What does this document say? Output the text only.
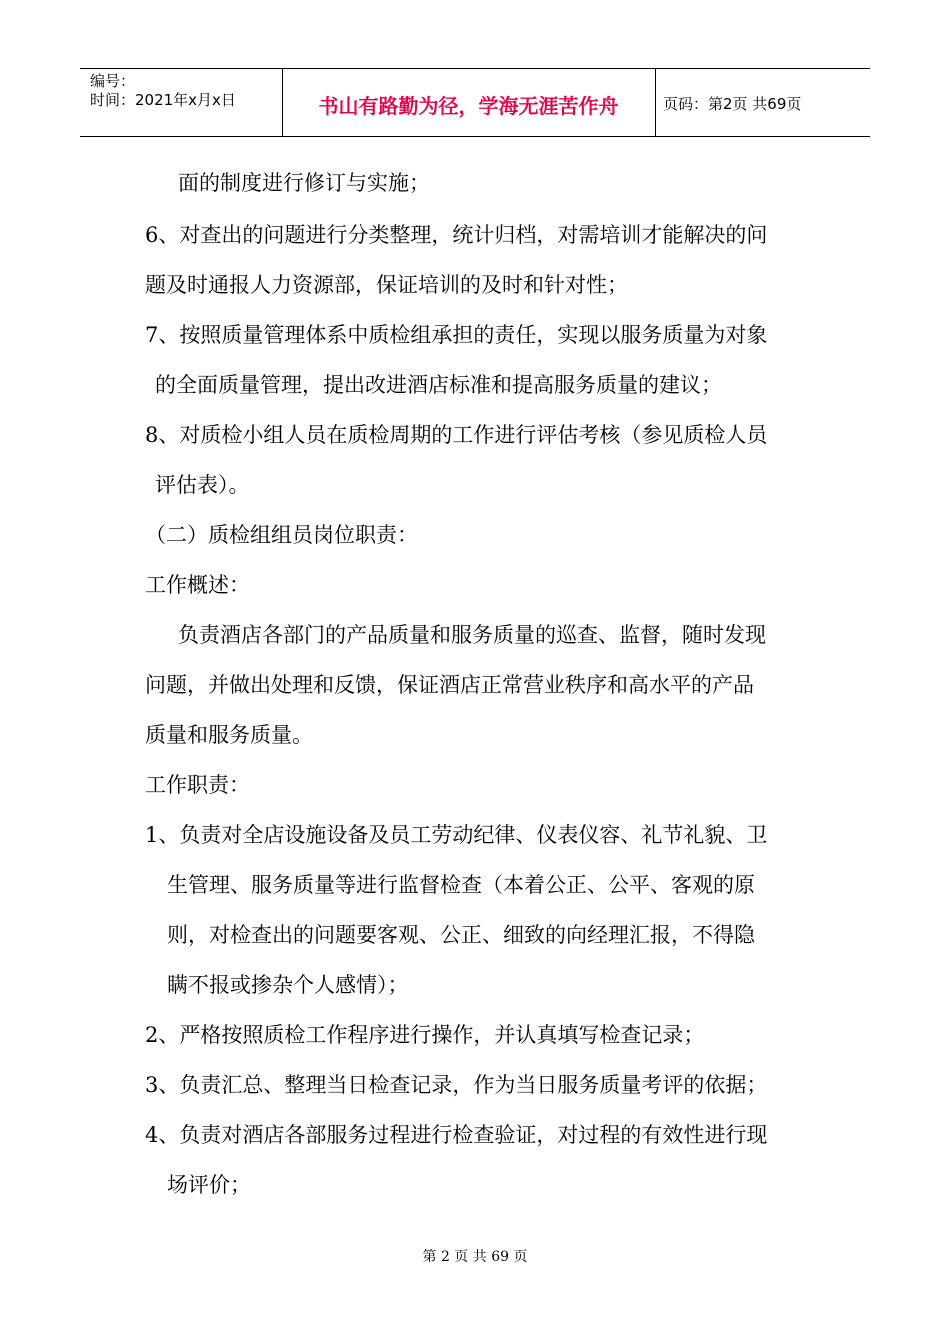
编号：
时间：2021年x月x日	书山有路勤为径，学海无涯苦作舟	页码：第2页 共69页
面的制度进行修订与实施；
6、对查出的问题进行分类整理，统计归档，对需培训才能解决的问
题及时通报人力资源部，保证培训的及时和针对性；
7、按照质量管理体系中质检组承担的责任，实现以服务质量为对象
的全面质量管理，提出改进酒店标准和提高服务质量的建议；
8、对质检小组人员在质检周期的工作进行评估考核（参见质检人员
评估表）。
（二）质检组组员岗位职责：
工作概述：
负责酒店各部门的产品质量和服务质量的巡查、监督，随时发现
问题，并做出处理和反馈，保证酒店正常营业秩序和高水平的产品
质量和服务质量。
工作职责：
1、负责对全店设施设备及员工劳动纪律、仪表仪容、礼节礼貌、卫
生管理、服务质量等进行监督检查（本着公正、公平、客观的原
则，对检查出的问题要客观、公正、细致的向经理汇报，不得隐
瞒不报或掺杂个人感情）；
2、严格按照质检工作程序进行操作，并认真填写检查记录；
3、负责汇总、整理当日检查记录，作为当日服务质量考评的依据；
4、负责对酒店各部服务过程进行检查验证，对过程的有效性进行现
场评价；
第 2 页 共 69 页
